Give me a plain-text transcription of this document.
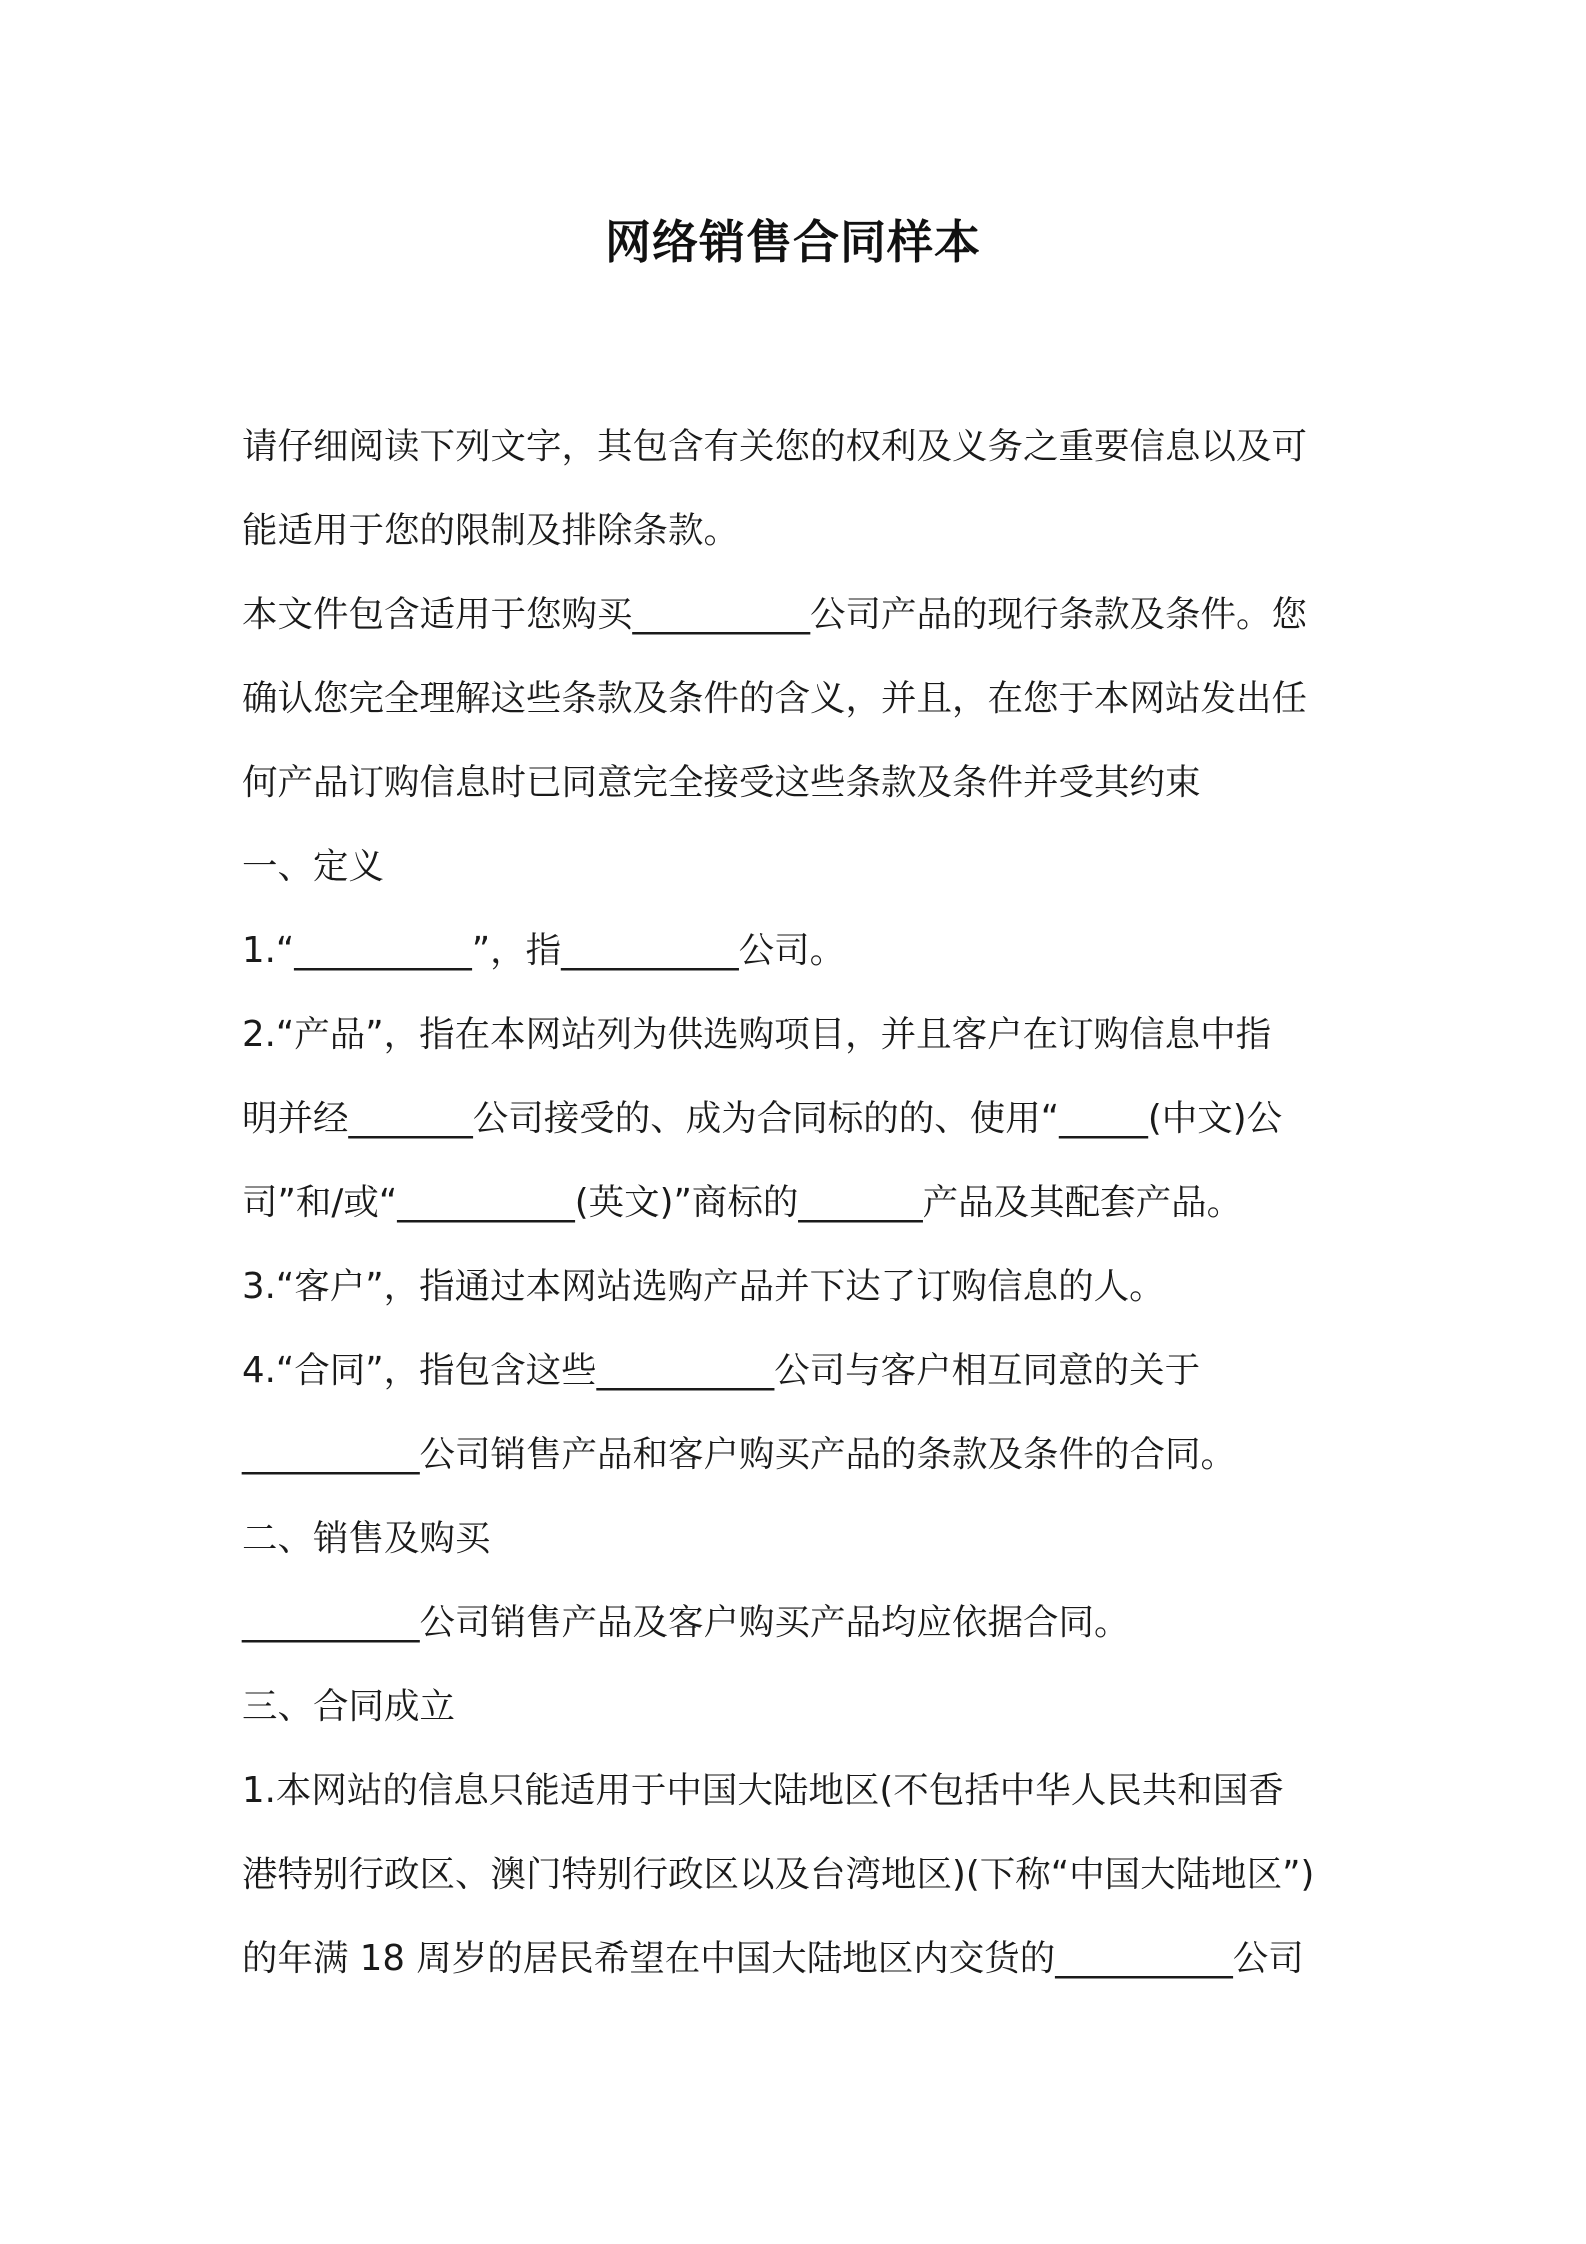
网络销售合同样本
请仔细阅读下列文字，其包含有关您的权利及义务之重要信息以及可
能适用于您的限制及排除条款。
本文件包含适用于您购买__________公司产品的现行条款及条件。您
确认您完全理解这些条款及条件的含义，并且，在您于本网站发出任
何产品订购信息时已同意完全接受这些条款及条件并受其约束
一、定义
1.“__________”，指__________公司。
2.“产品”，指在本网站列为供选购项目，并且客户在订购信息中指
明并经_______公司接受的、成为合同标的的、使用“_____(中文)公
司”和/或“__________(英文)”商标的_______产品及其配套产品。
3.“客户”，指通过本网站选购产品并下达了订购信息的人。
4.“合同”，指包含这些__________公司与客户相互同意的关于
__________公司销售产品和客户购买产品的条款及条件的合同。
二、销售及购买
__________公司销售产品及客户购买产品均应依据合同。
三、合同成立
1.本网站的信息只能适用于中国大陆地区(不包括中华人民共和国香
港特别行政区、澳门特别行政区以及台湾地区)(下称“中国大陆地区”)
的年满 18 周岁的居民希望在中国大陆地区内交货的__________公司
